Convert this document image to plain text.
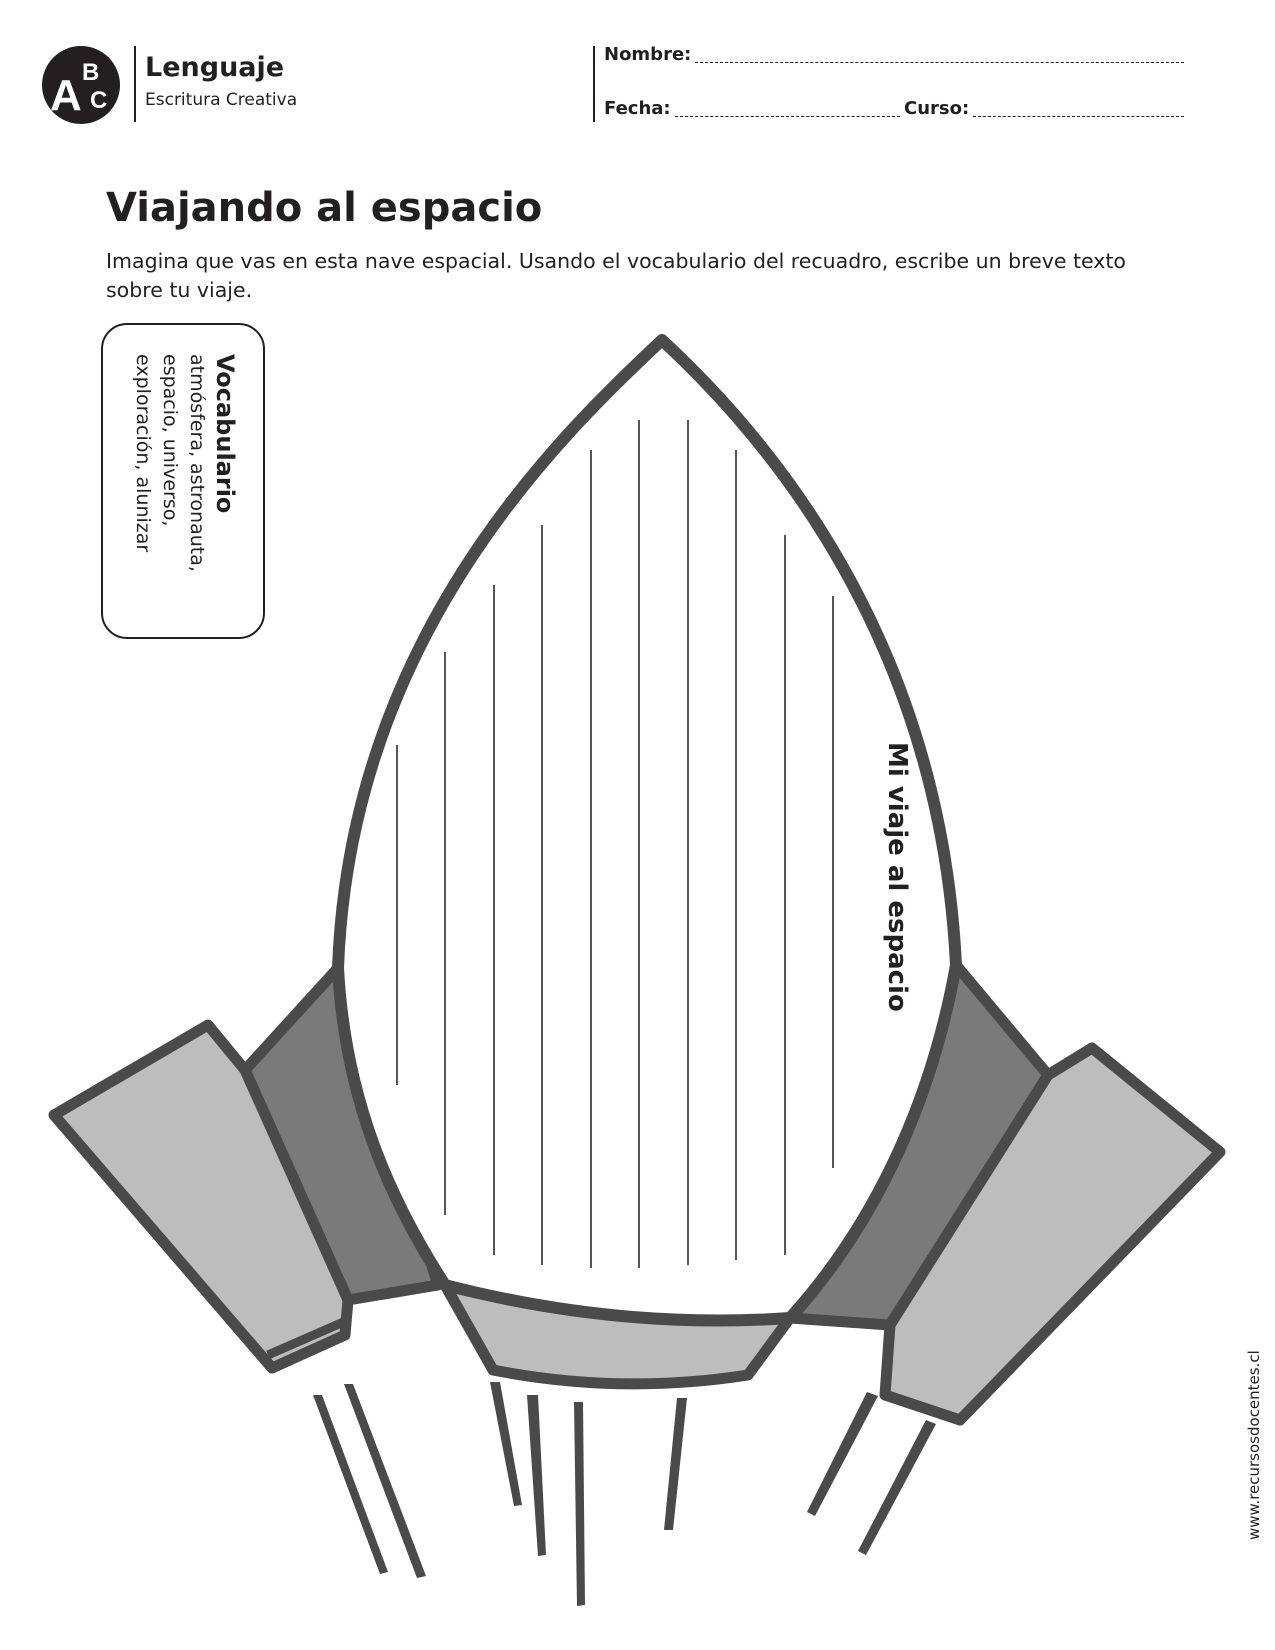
A B
C
Lenguaje
Escritura Creativa
Nombre:
Fecha:	Curso:
Viajando al espacio

Imagina que vas en esta nave espacial. Usando el vocabulario del recuadro, escribe un breve texto sobre tu viaje.

Vocabulario
atmósfera, astronauta,
espacio, universo,
exploración, alunizar
Mi viaje al espacio
www.recursosdocentes.cl
